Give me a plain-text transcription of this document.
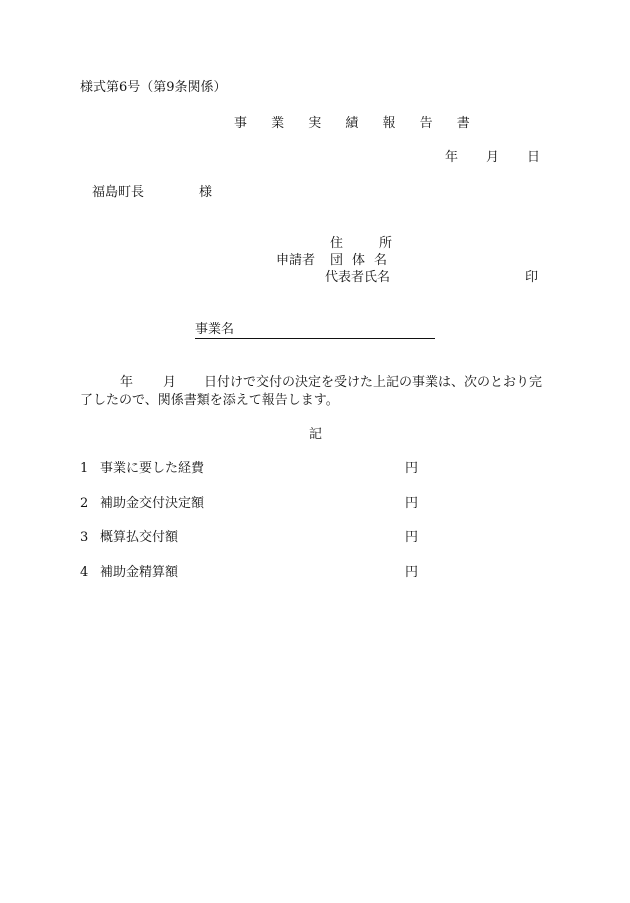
様式第6号（第9条関係）
事 業 実 績 報 告 書
年 月 日
福島町長	様
住	所
申請者 団 体 名
代表者氏名	印
事業名
年 月 日付けで交付の決定を受けた上記の事業は、次のとおり完
了したので、関係書類を添えて報告します。
記
1 事業に要した経費	円
2 補助金交付決定額	円
3 概算払交付額	円
4 補助金精算額	円
